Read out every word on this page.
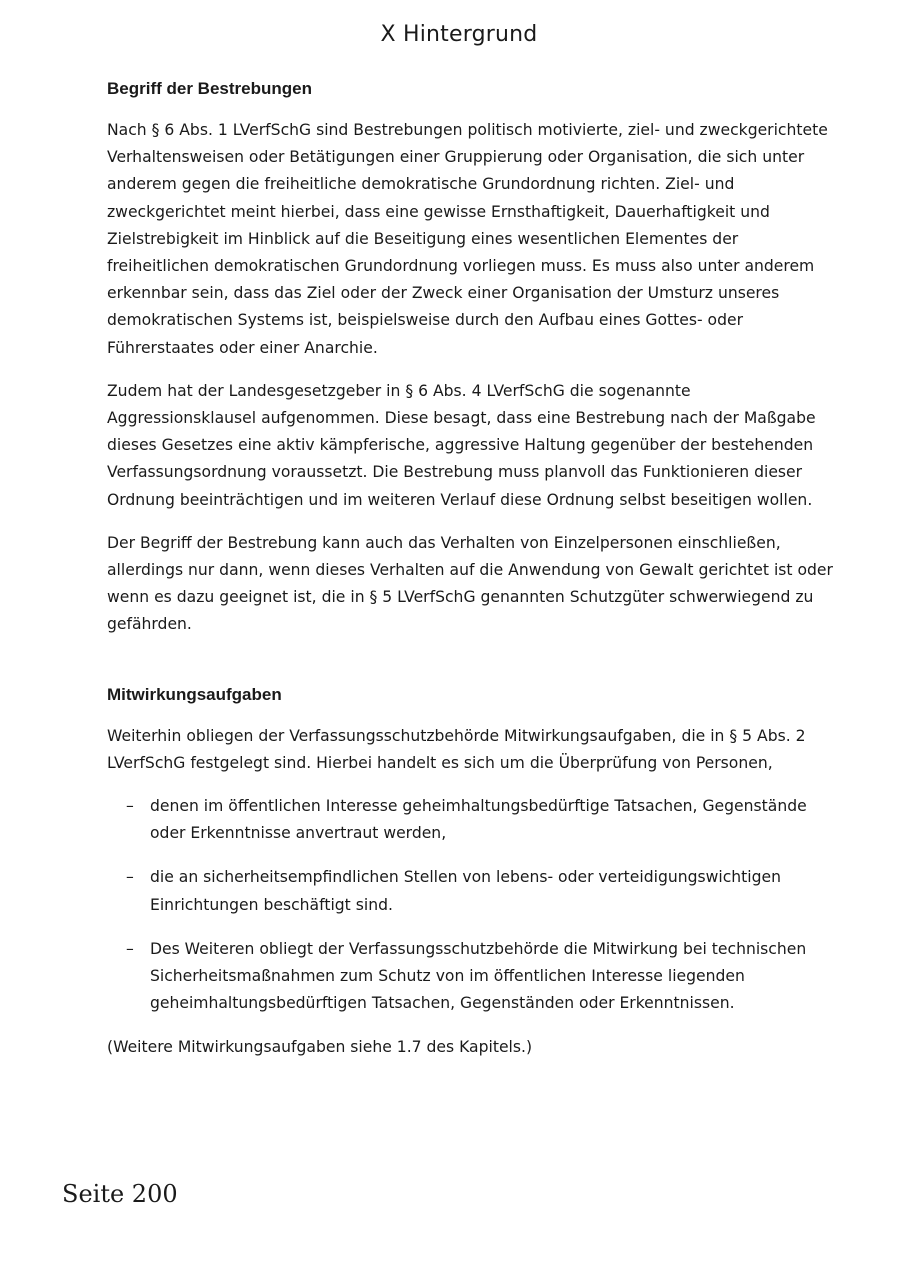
X Hintergrund
Begriff der Bestrebungen

Nach § 6 Abs. 1 LVerfSchG sind Bestrebungen politisch motivierte, ziel- und zweckgerichtete Verhaltensweisen oder Betätigungen einer Gruppierung oder Organisation, die sich unter anderem gegen die freiheitliche demokratische Grundordnung richten. Ziel- und zweckgerichtet meint hierbei, dass eine gewisse Ernsthaftigkeit, Dauerhaftigkeit und Zielstrebigkeit im Hinblick auf die Beseitigung eines wesentlichen Elementes der freiheitlichen demokratischen Grundordnung vorliegen muss. Es muss also unter anderem erkennbar sein, dass das Ziel oder der Zweck einer Organisation der Umsturz unseres demokratischen Systems ist, beispielsweise durch den Aufbau eines Gottes- oder Führerstaates oder einer Anarchie.

Zudem hat der Landesgesetzgeber in § 6 Abs. 4 LVerfSchG die sogenannte Aggressionsklausel aufgenommen. Diese besagt, dass eine Bestrebung nach der Maßgabe dieses Gesetzes eine aktiv kämpferische, aggressive Haltung gegenüber der bestehenden Verfassungsordnung voraussetzt. Die Bestrebung muss planvoll das Funktionieren dieser Ordnung beeinträchtigen und im weiteren Verlauf diese Ordnung selbst beseitigen wollen.

Der Begriff der Bestrebung kann auch das Verhalten von Einzelpersonen einschließen, allerdings nur dann, wenn dieses Verhalten auf die Anwendung von Gewalt gerichtet ist oder wenn es dazu geeignet ist, die in § 5 LVerfSchG genannten Schutzgüter schwerwiegend zu gefährden.

Mitwirkungsaufgaben

Weiterhin obliegen der Verfassungsschutzbehörde Mitwirkungsaufgaben, die in § 5 Abs. 2 LVerfSchG festgelegt sind. Hierbei handelt es sich um die Überprüfung von Personen,

– denen im öffentlichen Interesse geheimhaltungsbedürftige Tatsachen, Gegenstände oder Erkenntnisse anvertraut werden,
– die an sicherheitsempfindlichen Stellen von lebens- oder verteidigungswichtigen Einrichtungen beschäftigt sind.
– Des Weiteren obliegt der Verfassungsschutzbehörde die Mitwirkung bei technischen Sicherheitsmaßnahmen zum Schutz von im öffentlichen Interesse liegenden geheimhaltungsbedürftigen Tatsachen, Gegenständen oder Erkenntnissen.

(Weitere Mitwirkungsaufgaben siehe 1.7 des Kapitels.)

Seite 200
